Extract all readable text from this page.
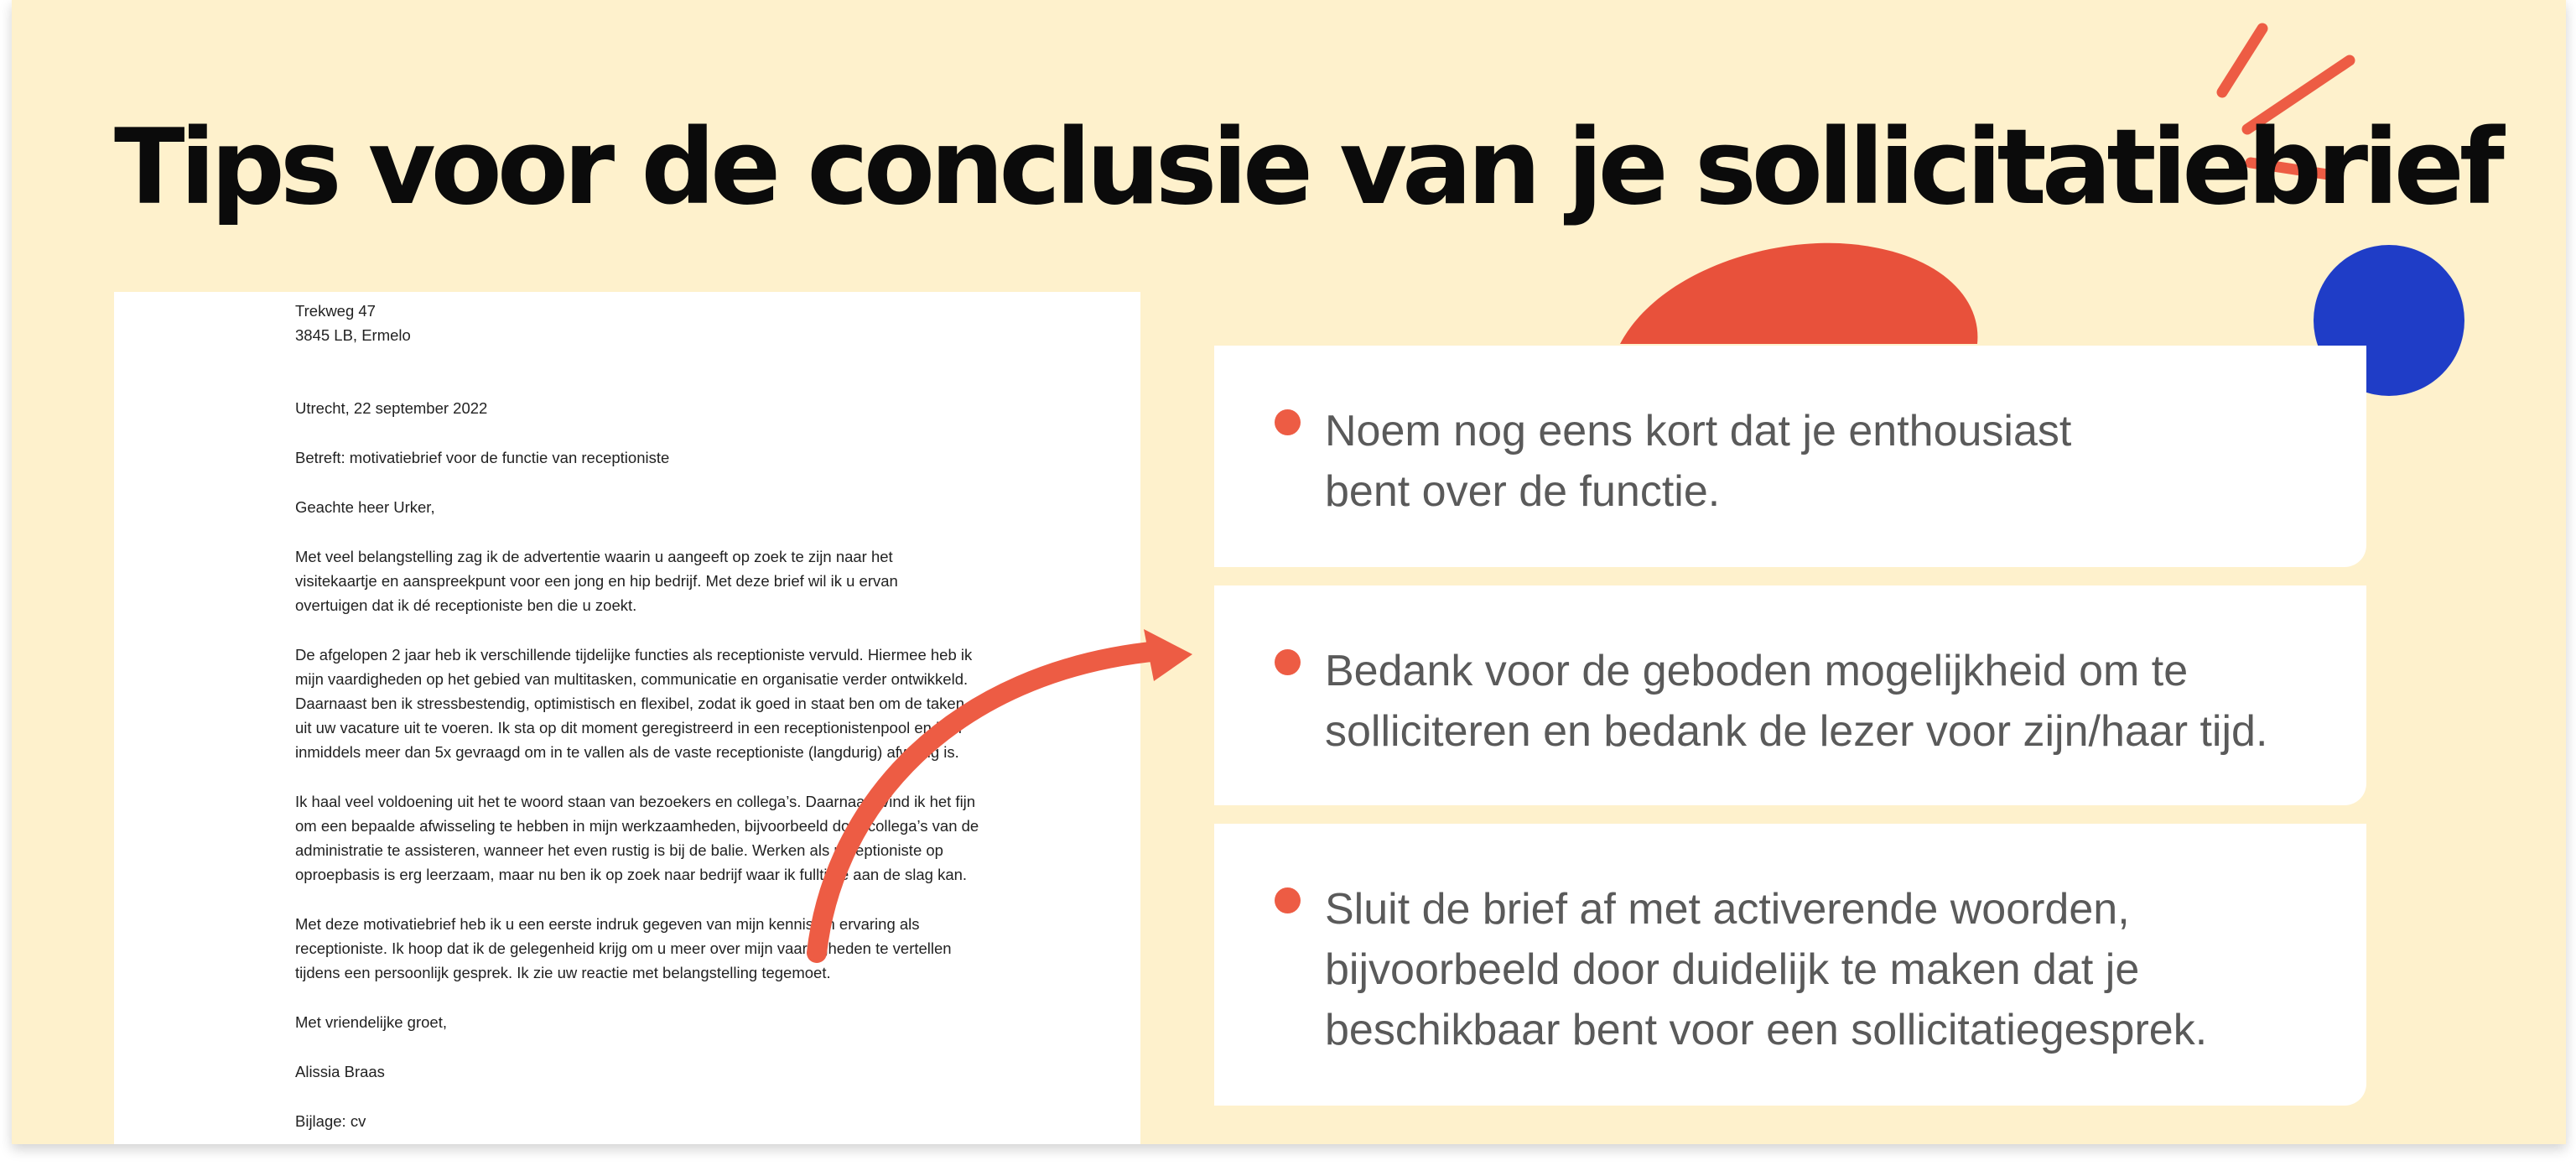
Tips voor de conclusie van je sollicitatiebrief

Trekweg 47
3845 LB, Ermelo

Utrecht, 22 september 2022

Betreft: motivatiebrief voor de functie van receptioniste

Geachte heer Urker,

Met veel belangstelling zag ik de advertentie waarin u aangeeft op zoek te zijn naar het
visitekaartje en aanspreekpunt voor een jong en hip bedrijf. Met deze brief wil ik u ervan
overtuigen dat ik dé receptioniste ben die u zoekt.

De afgelopen 2 jaar heb ik verschillende tijdelijke functies als receptioniste vervuld. Hiermee heb ik
mijn vaardigheden op het gebied van multitasken, communicatie en organisatie verder ontwikkeld.
Daarnaast ben ik stressbestendig, optimistisch en flexibel, zodat ik goed in staat ben om de taken
uit uw vacature uit te voeren. Ik sta op dit moment geregistreerd in een receptionistenpool en ben
inmiddels meer dan 5x gevraagd om in te vallen als de vaste receptioniste (langdurig) afwezig is.

Ik haal veel voldoening uit het te woord staan van bezoekers en collega’s. Daarnaast vind ik het fijn
om een bepaalde afwisseling te hebben in mijn werkzaamheden, bijvoorbeeld door collega’s van de
administratie te assisteren, wanneer het even rustig is bij de balie. Werken als receptioniste op
oproepbasis is erg leerzaam, maar nu ben ik op zoek naar bedrijf waar ik fulltime aan de slag kan.

Met deze motivatiebrief heb ik u een eerste indruk gegeven van mijn kennis en ervaring als
receptioniste. Ik hoop dat ik de gelegenheid krijg om u meer over mijn vaardigheden te vertellen
tijdens een persoonlijk gesprek. Ik zie uw reactie met belangstelling tegemoet.

Met vriendelijke groet,

Alissia Braas

Bijlage: cv

Noem nog eens kort dat je enthousiast
bent over de functie.
Bedank voor de geboden mogelijkheid om te
solliciteren en bedank de lezer voor zijn/haar tijd.
Sluit de brief af met activerende woorden,
bijvoorbeeld door duidelijk te maken dat je
beschikbaar bent voor een sollicitatiegesprek.
